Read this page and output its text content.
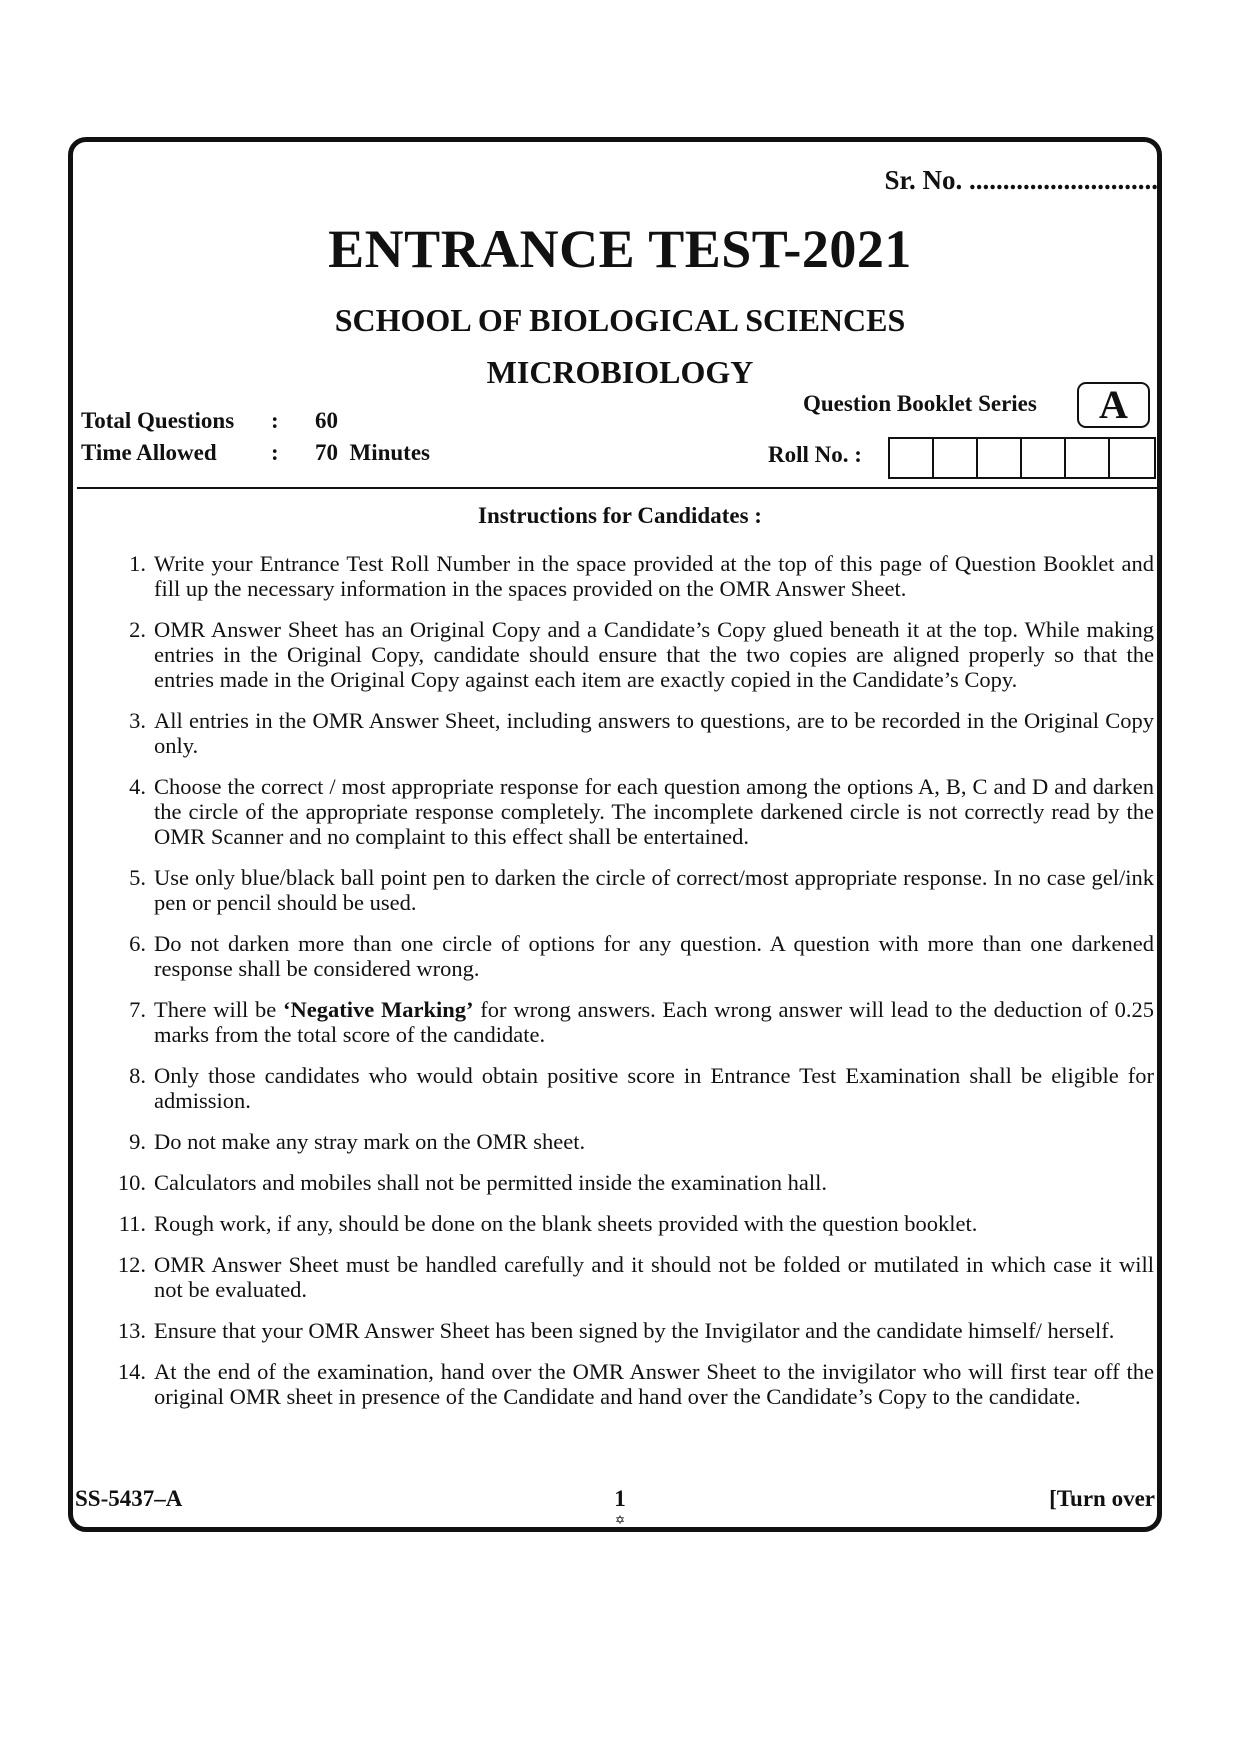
Sr. No. ............................
ENTRANCE TEST-2021
SCHOOL OF BIOLOGICAL SCIENCES
MICROBIOLOGY
Total Questions : 60
Time Allowed : 70  Minutes
Question Booklet Series	A
Roll No. :
Instructions for Candidates :
1. Write your Entrance Test Roll Number in the space provided at the top of this page of Question Booklet and fill up the necessary information in the spaces provided on the OMR Answer Sheet.
2. OMR Answer Sheet has an Original Copy and a Candidate’s Copy glued beneath it at the top. While making entries in the Original Copy, candidate should ensure that the two copies are aligned properly so that the entries made in the Original Copy against each item are exactly copied in the Candidate’s Copy.
3. All entries in the OMR Answer Sheet, including answers to questions, are to be recorded in the Original Copy only.
4. Choose the correct / most appropriate response for each question among the options A, B, C and D and darken the circle of the appropriate response completely. The incomplete darkened circle is not correctly read by the OMR Scanner and no complaint to this effect shall be entertained.
5. Use only blue/black ball point pen to darken the circle of correct/most appropriate response. In no case gel/ink pen or pencil should be used.
6. Do not darken more than one circle of options for any question. A question with more than one darkened response shall be considered wrong.
7. There will be ‘Negative Marking’ for wrong answers. Each wrong answer will lead to the deduction of 0.25 marks from the total score of the candidate.
8. Only those candidates who would obtain positive score in Entrance Test Examination shall be eligible for admission.
9. Do not make any stray mark on the OMR sheet.
10. Calculators and mobiles shall not be permitted inside the examination hall.
11. Rough work, if any, should be done on the blank sheets provided with the question booklet.
12. OMR Answer Sheet must be handled carefully and it should not be folded or mutilated in which case it will not be evaluated.
13. Ensure that your OMR Answer Sheet has been signed by the Invigilator and the candidate himself/ herself.
14. At the end of the examination, hand over the OMR Answer Sheet to the invigilator who will first tear off the original OMR sheet in presence of the Candidate and hand over the Candidate’s Copy to the candidate.
SS-5437–A	1
✡
[Turn over
